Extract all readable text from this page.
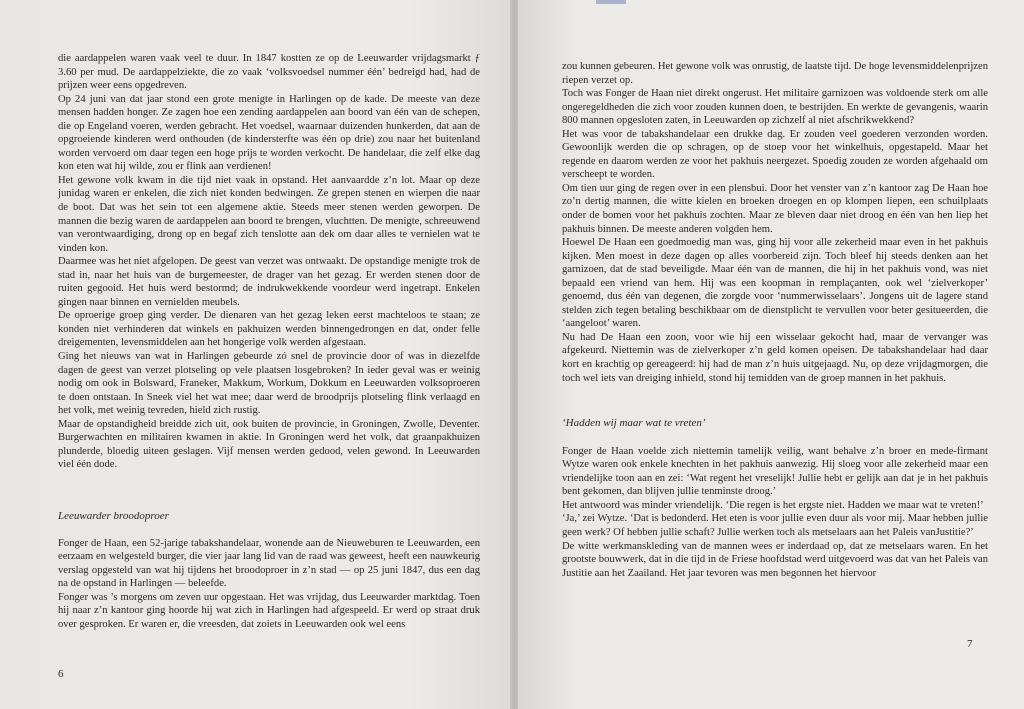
die aardappelen waren vaak veel te duur. In 1847 kostten ze op de Leeuwarder vrijdagsmarkt ƒ 3.60 per mud. De aardappelziekte, die zo vaak ‘volksvoedsel nummer één’ bedreigd had, had de prijzen weer eens opgedreven.

Op 24 juni van dat jaar stond een grote menigte in Harlingen op de kade. De meeste van deze mensen hadden honger. Ze zagen hoe een zending aardappelen aan boord van één van de schepen, die op Engeland voeren, werden gebracht. Het voedsel, waarnaar duizenden hunkerden, dat aan de opgroeiende kinderen werd onthouden (de kindersterfte was één op drie) zou naar het buitenland worden vervoerd om daar tegen een hoge prijs te worden verkocht. De handelaar, die zelf elke dag kon eten wat hij wilde, zou er flink aan verdienen!

Het gewone volk kwam in die tijd niet vaak in opstand. Het aanvaardde z’n lot. Maar op deze junidag waren er enkelen, die zich niet konden bedwingen. Ze grepen stenen en wierpen die naar de boot. Dat was het sein tot een algemene aktie. Steeds meer stenen werden geworpen. De mannen die bezig waren de aardappelen aan boord te brengen, vluchtten. De menigte, schreeuwend van verontwaardiging, drong op en begaf zich tenslotte aan dek om daar alles te vernielen wat te vinden kon.

Daarmee was het niet afgelopen. De geest van verzet was ontwaakt. De opstandige menigte trok de stad in, naar het huis van de burgemeester, de drager van het gezag. Er werden stenen door de ruiten gegooid. Het huis werd bestormd; de indrukwekkende voordeur werd ingetrapt. Enkelen gingen naar binnen en vernielden meubels.

De oproerige groep ging verder. De dienaren van het gezag leken eerst machteloos te staan; ze konden niet verhinderen dat winkels en pakhuizen werden binnengedrongen en dat, onder felle dreigementen, levensmiddelen aan het hongerige volk werden afgestaan.

Ging het nieuws van wat in Harlingen gebeurde zó snel de provincie door of was in diezelfde dagen de geest van verzet plotseling op vele plaatsen losgebroken? In ieder geval was er weinig nodig om ook in Bolsward, Franeker, Makkum, Workum, Dokkum en Leeuwarden volksoproeren te doen ontstaan. In Sneek viel het wat mee; daar werd de broodprijs plotseling flink verlaagd en het volk, met weinig tevreden, hield zich rustig.

Maar de opstandigheid breidde zich uit, ook buiten de provincie, in Groningen, Zwolle, Deventer. Burgerwachten en militairen kwamen in aktie. In Groningen werd het volk, dat graanpakhuizen plunderde, bloedig uiteen geslagen. Vijf mensen werden gedood, velen gewond. In Leeuwarden viel één dode.

Leeuwarder broodoproer

Fonger de Haan, een 52-jarige tabakshandelaar, wonende aan de Nieuweburen te Leeuwarden, een eerzaam en welgesteld burger, die vier jaar lang lid van de raad was geweest, heeft een nauwkeurig verslag opgesteld van wat hij tijdens het broodoproer in z’n stad — op 25 juni 1847, dus een dag na de opstand in Harlingen — beleefde.

Fonger was ’s morgens om zeven uur opgestaan. Het was vrijdag, dus Leeuwarder marktdag. Toen hij naar z’n kantoor ging hoorde hij wat zich in Harlingen had afgespeeld. Er werd op straat druk over gesproken. Er waren er, die vreesden, dat zoiets in Leeuwarden ook wel eens

6

zou kunnen gebeuren. Het gewone volk was onrustig, de laatste tijd. De hoge levensmiddelenprijzen riepen verzet op.

Toch was Fonger de Haan niet direkt ongerust. Het militaire garnizoen was voldoende sterk om alle ongeregeldheden die zich voor zouden kunnen doen, te bestrijden. En werkte de gevangenis, waarin 800 mannen opgesloten zaten, in Leeuwarden op zichzelf al niet afschrikwekkend?

Het was voor de tabakshandelaar een drukke dag. Er zouden veel goederen verzonden worden. Gewoonlijk werden die op schragen, op de stoep voor het winkelhuis, opgestapeld. Maar het regende en daarom werden ze voor het pakhuis neergezet. Spoedig zouden ze worden afgehaald om verscheept te worden.

Om tien uur ging de regen over in een plensbui. Door het venster van z’n kantoor zag De Haan hoe zo’n dertig mannen, die witte kielen en broeken droegen en op klompen liepen, een schuilplaats onder de bomen voor het pakhuis zochten. Maar ze bleven daar niet droog en één van hen liep het pakhuis binnen. De meeste anderen volgden hem.

Hoewel De Haan een goedmoedig man was, ging hij voor alle zekerheid maar even in het pakhuis kijken. Men moest in deze dagen op alles voorbereid zijn. Toch bleef hij steeds denken aan het garnizoen, dat de stad beveiligde. Maar één van de mannen, die hij in het pakhuis vond, was niet bepaald een vriend van hem. Hij was een koopman in remplaçanten, ook wel ‘zielverkoper’ genoemd, dus één van degenen, die zorgde voor ‘nummerwisselaars’. Jongens uit de lagere stand stelden zich tegen betaling beschikbaar om de dienstplicht te vervullen voor beter gesitueerden, die ‘aangeloot’ waren.

Nu had De Haan een zoon, voor wie hij een wisselaar gekocht had, maar de vervanger was afgekeurd. Niettemin was de zielverkoper z’n geld komen opeisen. De tabakshandelaar had daar kort en krachtig op gereageerd: hij had de man z’n huis uitgejaagd. Nu, op deze vrijdagmorgen, die toch wel iets van dreiging inhield, stond hij temidden van de groep mannen in het pakhuis.

‘Hadden wij maar wat te vreten’

Fonger de Haan voelde zich niettemin tamelijk veilig, want behalve z’n broer en mede-firmant Wytze waren ook enkele knechten in het pakhuis aanwezig. Hij sloeg voor alle zekerheid maar een vriendelijke toon aan en zei: ‘Wat regent het vreselijk! Jullie hebt er gelijk aan dat je in het pakhuis bent gekomen, dan blijven jullie tenminste droog.’

Het antwoord was minder vriendelijk. ‘Die regen is het ergste niet. Hadden we maar wat te vreten!’

‘Ja,’ zei Wytze. ‘Dat is bedonderd. Het eten is voor jullie even duur als voor mij. Maar hebben jullie geen werk? Of hebben jullie schaft? Jullie werken toch als metselaars aan het Paleis vanJustitie?’

De witte werkmanskleding van de mannen wees er inderdaad op, dat ze metselaars waren. En het grootste bouwwerk, dat in die tijd in de Friese hoofdstad werd uitgevoerd was dat van het Paleis van Justitie aan het Zaailand. Het jaar tevoren was men begonnen het hiervoor

7
